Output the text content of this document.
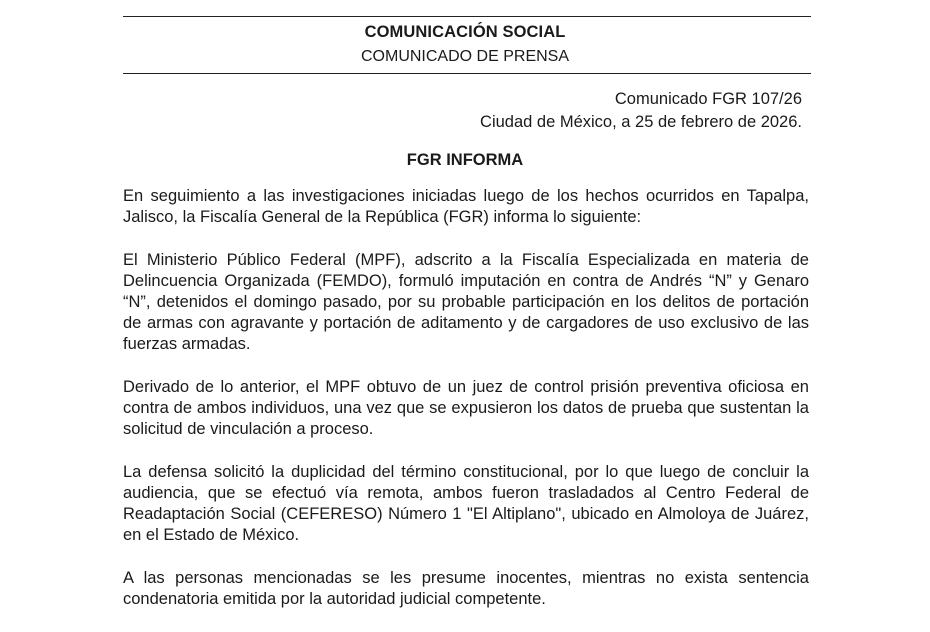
COMUNICACIÓN SOCIAL
COMUNICADO DE PRENSA
Comunicado FGR 107/26
Ciudad de México, a 25 de febrero de 2026.
FGR INFORMA

En seguimiento a las investigaciones iniciadas luego de los hechos ocurridos en Tapalpa, Jalisco, la Fiscalía General de la República (FGR) informa lo siguiente:

El Ministerio Público Federal (MPF), adscrito a la Fiscalía Especializada en materia de Delincuencia Organizada (FEMDO), formuló imputación en contra de Andrés “N” y Genaro “N”, detenidos el domingo pasado, por su probable participación en los delitos de portación de armas con agravante y portación de aditamento y de cargadores de uso exclusivo de las fuerzas armadas.

Derivado de lo anterior, el MPF obtuvo de un juez de control prisión preventiva oficiosa en contra de ambos individuos, una vez que se expusieron los datos de prueba que sustentan la solicitud de vinculación a proceso.

La defensa solicitó la duplicidad del término constitucional, por lo que luego de concluir la audiencia, que se efectuó vía remota, ambos fueron trasladados al Centro Federal de Readaptación Social (CEFERESO) Número 1 "El Altiplano", ubicado en Almoloya de Juárez, en el Estado de México.

A las personas mencionadas se les presume inocentes, mientras no exista sentencia condenatoria emitida por la autoridad judicial competente.
